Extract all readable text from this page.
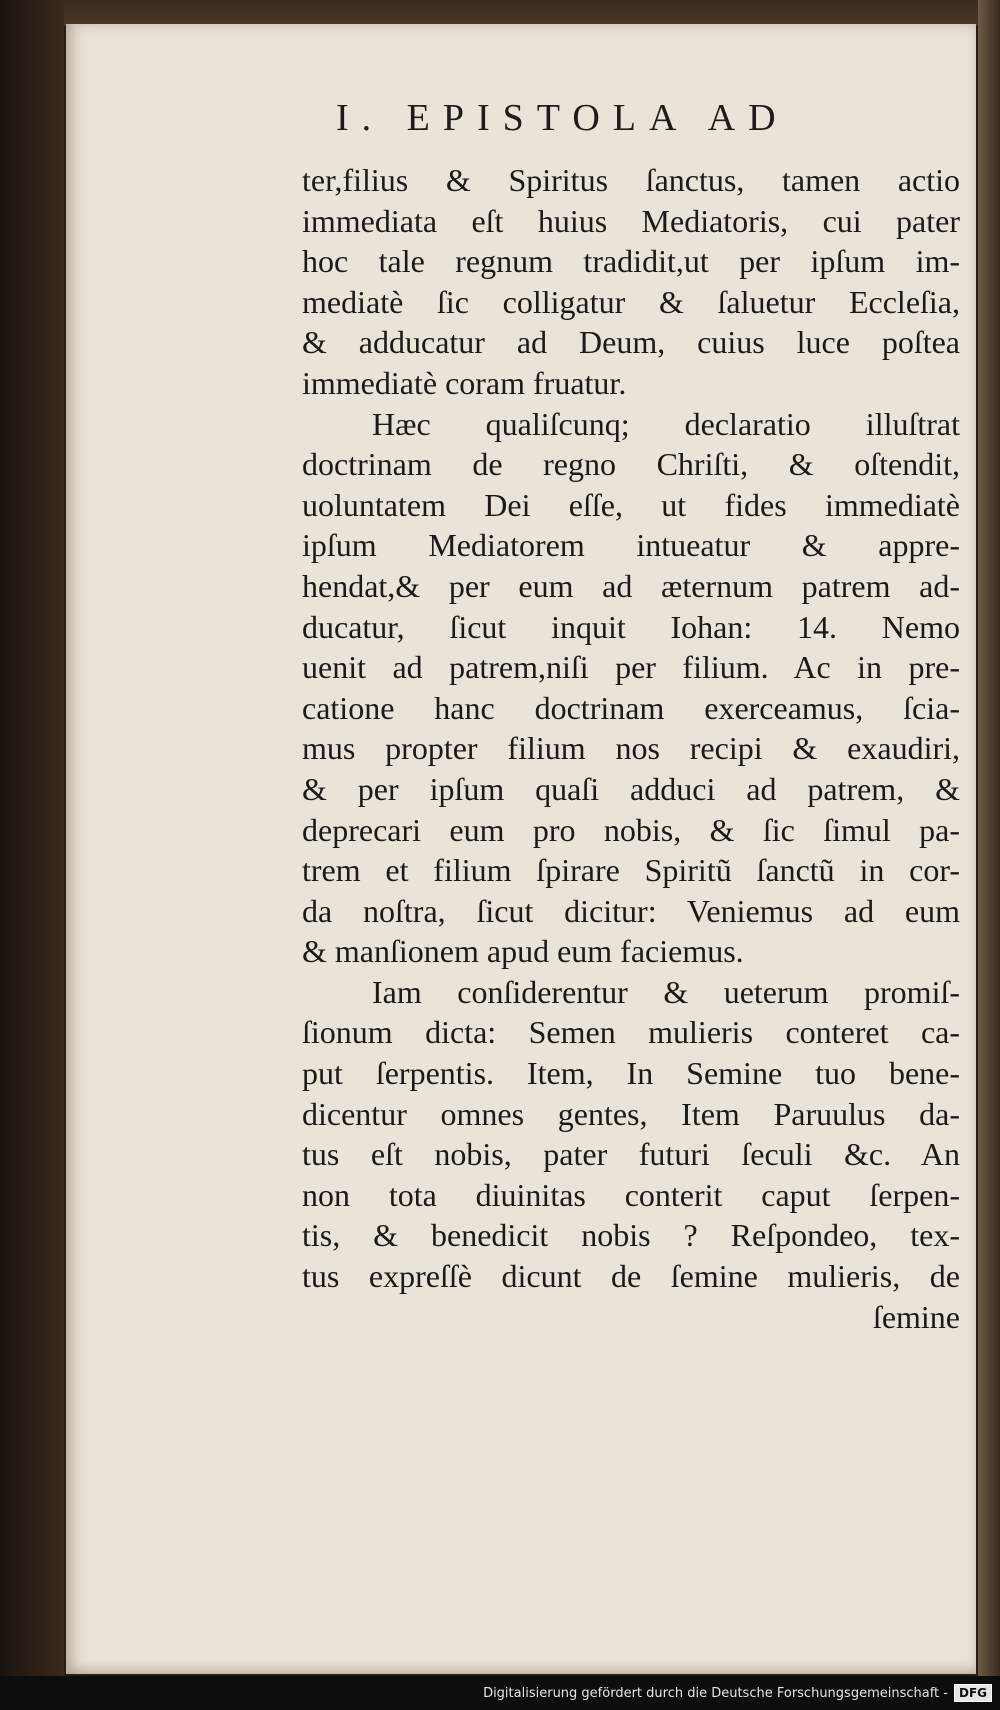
I. EPISTOLA AD
ter,filius & Spiritus ſanctus, tamen actio
immediata eſt huius Mediatoris, cui pater
hoc tale regnum tradidit,ut per ipſum im-
mediatè ſic colligatur & ſaluetur Eccleſia,
& adducatur ad Deum, cuius luce poſtea
immediatè coram fruatur.
Hæc qualiſcunq; declaratio illuſtrat
doctrinam de regno Chriſti, & oſtendit,
uoluntatem Dei eſſe, ut fides immediatè
ipſum Mediatorem intueatur & appre-
hendat,& per eum ad æternum patrem ad-
ducatur, ſicut inquit Iohan: 14. Nemo
uenit ad patrem,niſi per filium. Ac in pre-
catione hanc doctrinam exerceamus, ſcia-
mus propter filium nos recipi & exaudiri,
& per ipſum quaſi adduci ad patrem, &
deprecari eum pro nobis, & ſic ſimul pa-
trem et filium ſpirare Spiritũ ſanctũ in cor-
da noſtra, ſicut dicitur: Veniemus ad eum
& manſionem apud eum faciemus.
Iam conſiderentur & ueterum promiſ-
ſionum dicta: Semen mulieris conteret ca-
put ſerpentis. Item, In Semine tuo bene-
dicentur omnes gentes, Item Paruulus da-
tus eſt nobis, pater futuri ſeculi &c. An
non tota diuinitas conterit caput ſerpen-
tis, & benedicit nobis ? Reſpondeo, tex-
tus expreſſè dicunt de ſemine mulieris, de
ſemine
Digitalisierung gefördert durch die Deutsche Forschungsgemeinschaft - DFG
